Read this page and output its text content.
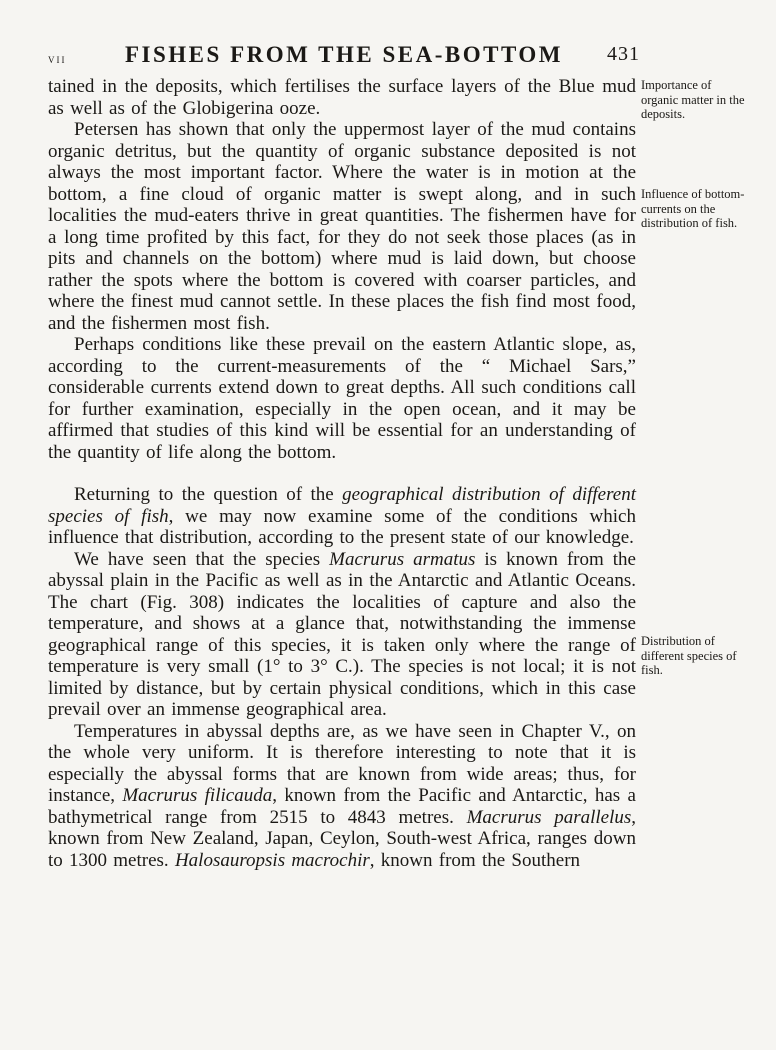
vii	FISHES FROM THE SEA-BOTTOM	431

tained in the deposits, which fertilises the surface layers of the Blue mud as well as of the Globigerina ooze.

Petersen has shown that only the uppermost layer of the mud contains organic detritus, but the quantity of organic substance deposited is not always the most important factor. Where the water is in motion at the bottom, a fine cloud of organic matter is swept along, and in such localities the mud-eaters thrive in great quantities. The fishermen have for a long time profited by this fact, for they do not seek those places (as in pits and channels on the bottom) where mud is laid down, but choose rather the spots where the bottom is covered with coarser particles, and where the finest mud cannot settle. In these places the fish find most food, and the fishermen most fish.

Perhaps conditions like these prevail on the eastern Atlantic slope, as, according to the current-measurements of the “ Michael Sars,” considerable currents extend down to great depths. All such conditions call for further examination, especially in the open ocean, and it may be affirmed that studies of this kind will be essential for an understanding of the quantity of life along the bottom.

Returning to the question of the geographical distribution of different species of fish, we may now examine some of the conditions which influence that distribution, according to the present state of our knowledge.

We have seen that the species Macrurus armatus is known from the abyssal plain in the Pacific as well as in the Antarctic and Atlantic Oceans. The chart (Fig. 308) indicates the localities of capture and also the temperature, and shows at a glance that, notwithstanding the immense geographical range of this species, it is taken only where the range of temperature is very small (1° to 3° C.). The species is not local; it is not limited by distance, but by certain physical conditions, which in this case prevail over an immense geographical area.

Temperatures in abyssal depths are, as we have seen in Chapter V., on the whole very uniform. It is therefore interesting to note that it is especially the abyssal forms that are known from wide areas; thus, for instance, Macrurus filicauda, known from the Pacific and Antarctic, has a bathymetrical range from 2515 to 4843 metres. Macrurus parallelus, known from New Zealand, Japan, Ceylon, South-west Africa, ranges down to 1300 metres. Halosauropsis macrochir, known from the Southern

Importance of organic matter in the deposits.
Influence of bottom-currents on the distribution of fish.
Distribution of different species of fish.
